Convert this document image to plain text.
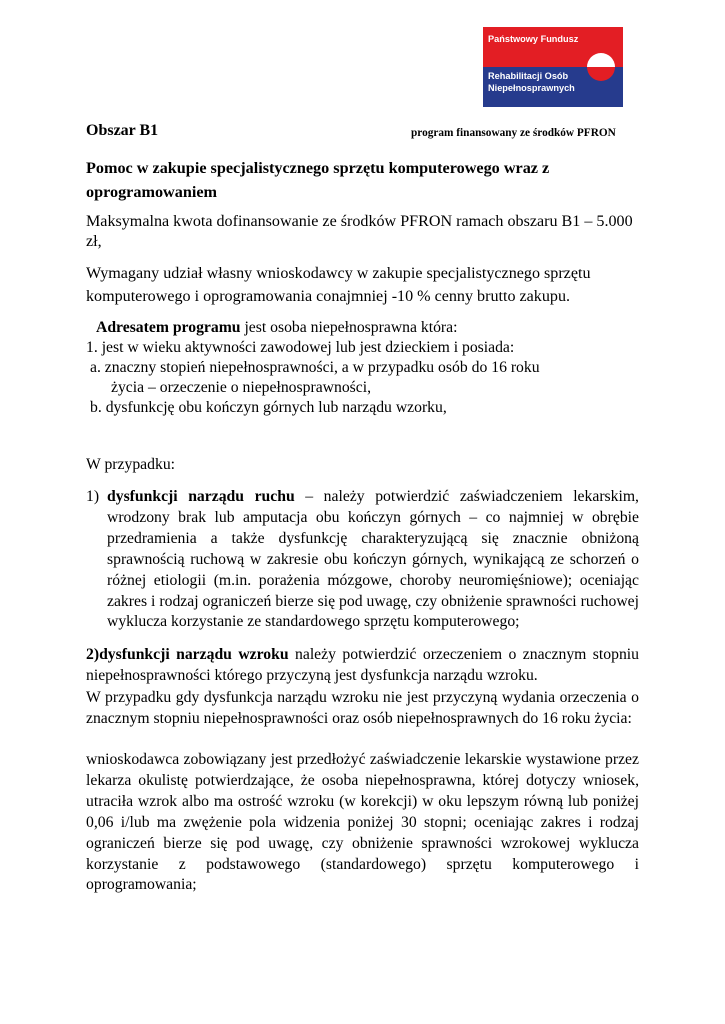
Państwowy Fundusz
Rehabilitacji Osób
Niepełnosprawnych
Obszar B1	program finansowany ze środków PFRON
Pomoc w zakupie specjalistycznego sprzętu komputerowego wraz z oprogramowaniem
Maksymalna kwota dofinansowanie ze środków PFRON ramach obszaru B1 – 5.000 zł,
Wymagany udział własny wnioskodawcy w zakupie specjalistycznego sprzętu komputerowego i oprogramowania conajmniej -10 % cenny brutto zakupu.
Adresatem programu jest osoba niepełnosprawna która:
1. jest w wieku aktywności zawodowej lub jest dzieckiem i posiada:
a. znaczny stopień niepełnosprawności, a w przypadku osób do 16 roku
życia – orzeczenie o niepełnosprawności,
b. dysfunkcję obu kończyn górnych lub narządu wzorku,
W przypadku:
1) dysfunkcji narządu ruchu – należy potwierdzić zaświadczeniem lekarskim, wrodzony brak lub amputacja obu kończyn górnych – co najmniej w obrębie przedramienia a także dysfunkcję charakteryzującą się znacznie obniżoną sprawnością ruchową w zakresie obu kończyn górnych, wynikającą ze schorzeń o różnej etiologii (m.in. porażenia mózgowe, choroby neuromięśniowe); oceniając zakres i rodzaj ograniczeń bierze się pod uwagę, czy obniżenie sprawności ruchowej wyklucza korzystanie ze standardowego sprzętu komputerowego;
2)dysfunkcji narządu wzroku należy potwierdzić orzeczeniem o znacznym stopniu niepełnosprawności którego przyczyną jest dysfunkcja narządu wzroku.
W przypadku gdy dysfunkcja narządu wzroku nie jest przyczyną wydania orzeczenia o znacznym stopniu niepełnosprawności oraz osób niepełnosprawnych do 16 roku życia:
wnioskodawca zobowiązany jest przedłożyć zaświadczenie lekarskie wystawione przez lekarza okulistę potwierdzające, że osoba niepełnosprawna, której dotyczy wniosek, utraciła wzrok albo ma ostrość wzroku (w korekcji) w oku lepszym równą lub poniżej 0,06 i/lub ma zwężenie pola widzenia poniżej 30 stopni; oceniając zakres i rodzaj ograniczeń bierze się pod uwagę, czy obniżenie sprawności wzrokowej wyklucza korzystanie z podstawowego (standardowego) sprzętu komputerowego i oprogramowania;
